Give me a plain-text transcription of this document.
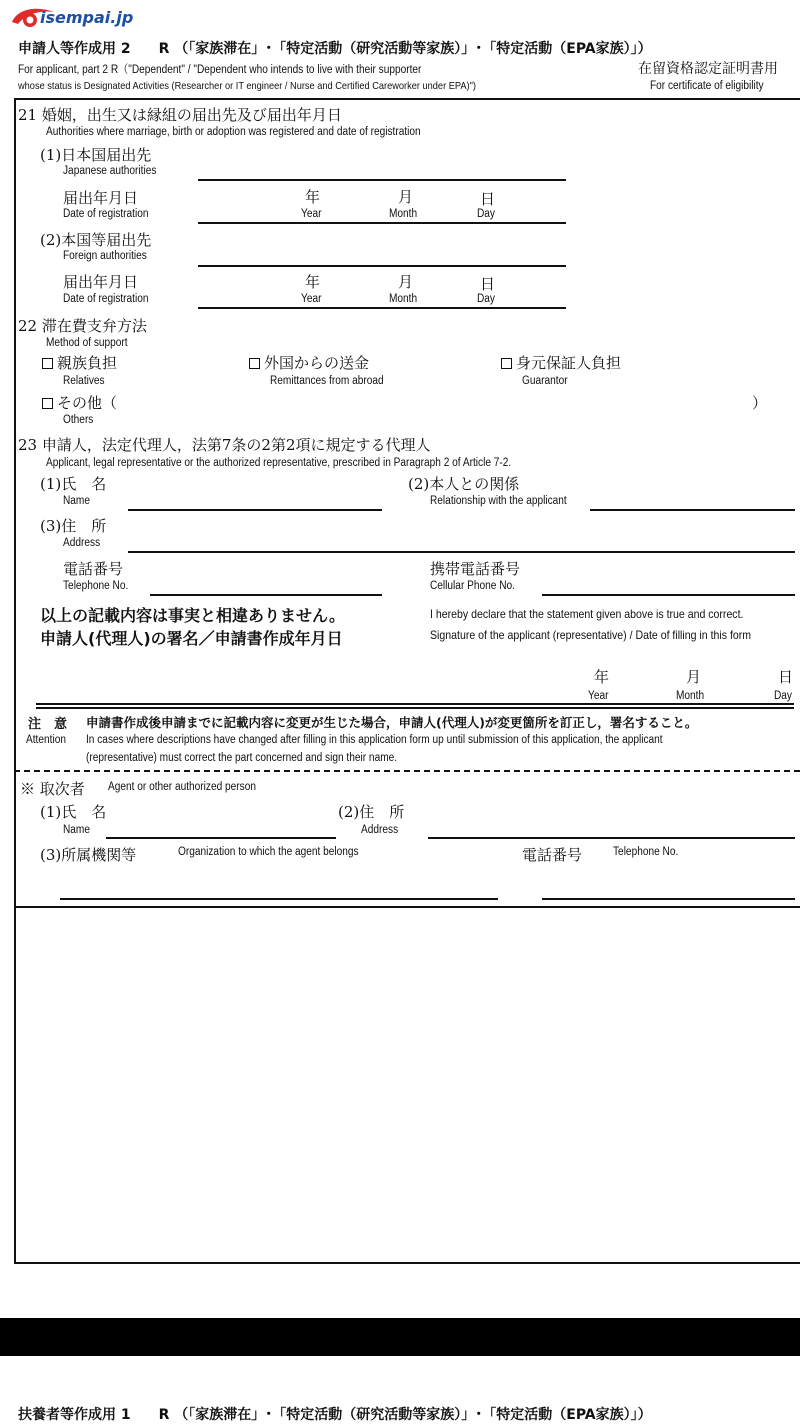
isempai.jp
申請人等作成用 2　　R （「家族滞在」･「特定活動（研究活動等家族）」･「特定活動（EPA家族）」）
For applicant, part 2 R（"Dependent" / "Dependent who intends to live with their supporter
whose status is Designated Activities (Researcher or IT engineer / Nurse and Certified Careworker under EPA)")
在留資格認定証明書用
For certificate of eligibility
21 婚姻，出生又は縁組の届出先及び届出年月日
Authorities where marriage, birth or adoption was registered and date of registration
(1)日本国届出先
Japanese authorities
届出年月日
Date of registration
年
Year
月
Month
日
Day
(2)本国等届出先
Foreign authorities
届出年月日
Date of registration
年
Year
月
Month
日
Day
22 滞在費支弁方法
Method of support
親族負担
Relatives
外国からの送金
Remittances from abroad
身元保証人負担
Guarantor
その他（	）
Others
23 申請人，法定代理人，法第7条の2第2項に規定する代理人
Applicant, legal representative or the authorized representative, prescribed in Paragraph 2 of Article 7-2.
(1)氏　名
Name
(2)本人との関係
Relationship with the applicant
(3)住　所
Address
電話番号
Telephone No.
携帯電話番号
Cellular Phone No.
以上の記載内容は事実と相違ありません。	I hereby declare that the statement given above is true and correct.
申請人(代理人)の署名／申請書作成年月日	Signature of the applicant (representative) / Date of filling in this form
年
Year
月
Month
日
Day
注　意 申請書作成後申請までに記載内容に変更が生じた場合，申請人(代理人)が変更箇所を訂正し，署名すること。
Attention In cases where descriptions have changed after filling in this application form up until submission of this application, the applicant
(representative) must correct the part concerned and sign their name.
※ 取次者 Agent or other authorized person
(1)氏　名
Name
(2)住　所
Address
(3)所属機関等	Organization to which the agent belongs	電話番号	Telephone No.
扶養者等作成用 1　　R （「家族滞在」･「特定活動（研究活動等家族）」･「特定活動（EPA家族）」）
